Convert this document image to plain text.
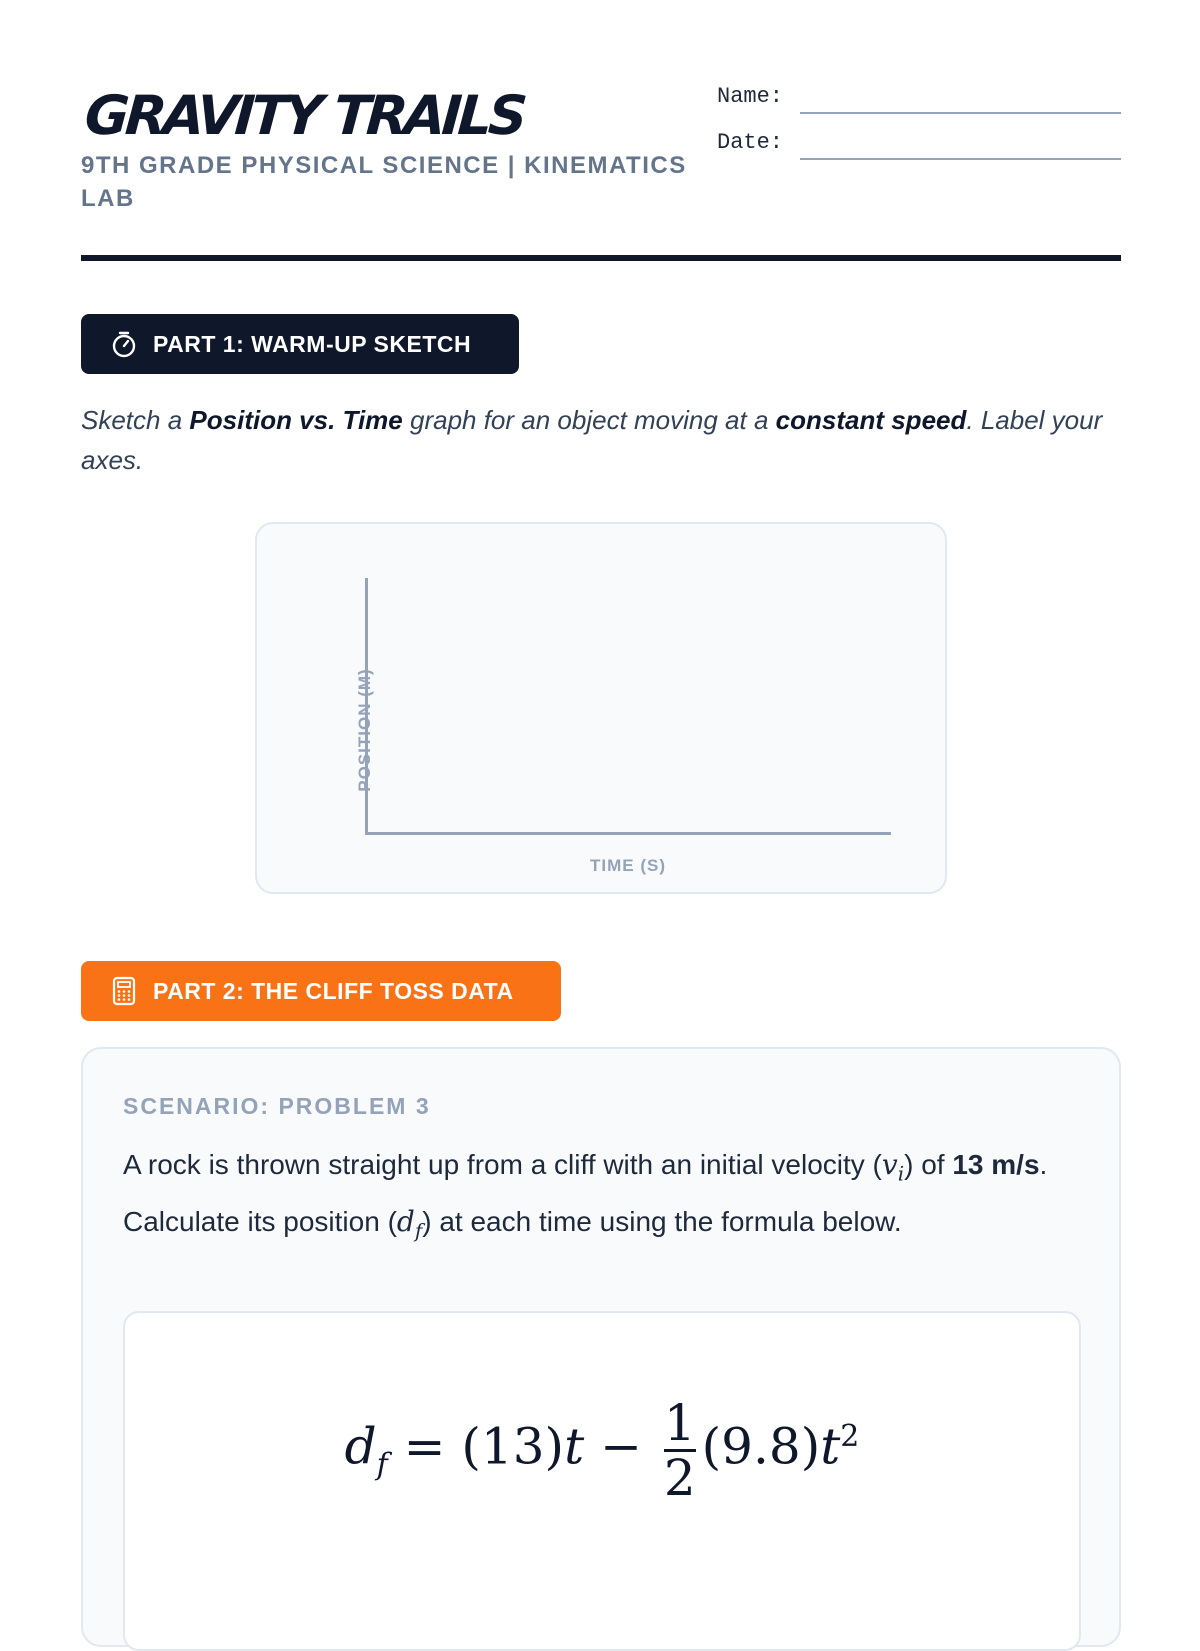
GRAVITY TRAILS
9TH GRADE PHYSICAL SCIENCE | KINEMATICS LAB
Name:
Date:
PART 1: WARM-UP SKETCH
Sketch a Position vs. Time graph for an object moving at a constant speed. Label your axes.
POSITION (M)
TIME (S)
PART 2: THE CLIFF TOSS DATA
SCENARIO: PROBLEM 3
A rock is thrown straight up from a cliff with an initial velocity $(v_i)$ of 13 m/s. Calculate its position $(d_f)$ at each time using the formula below.
$d_f = (13)t - \frac{1}{2} (9.8)t^2$
